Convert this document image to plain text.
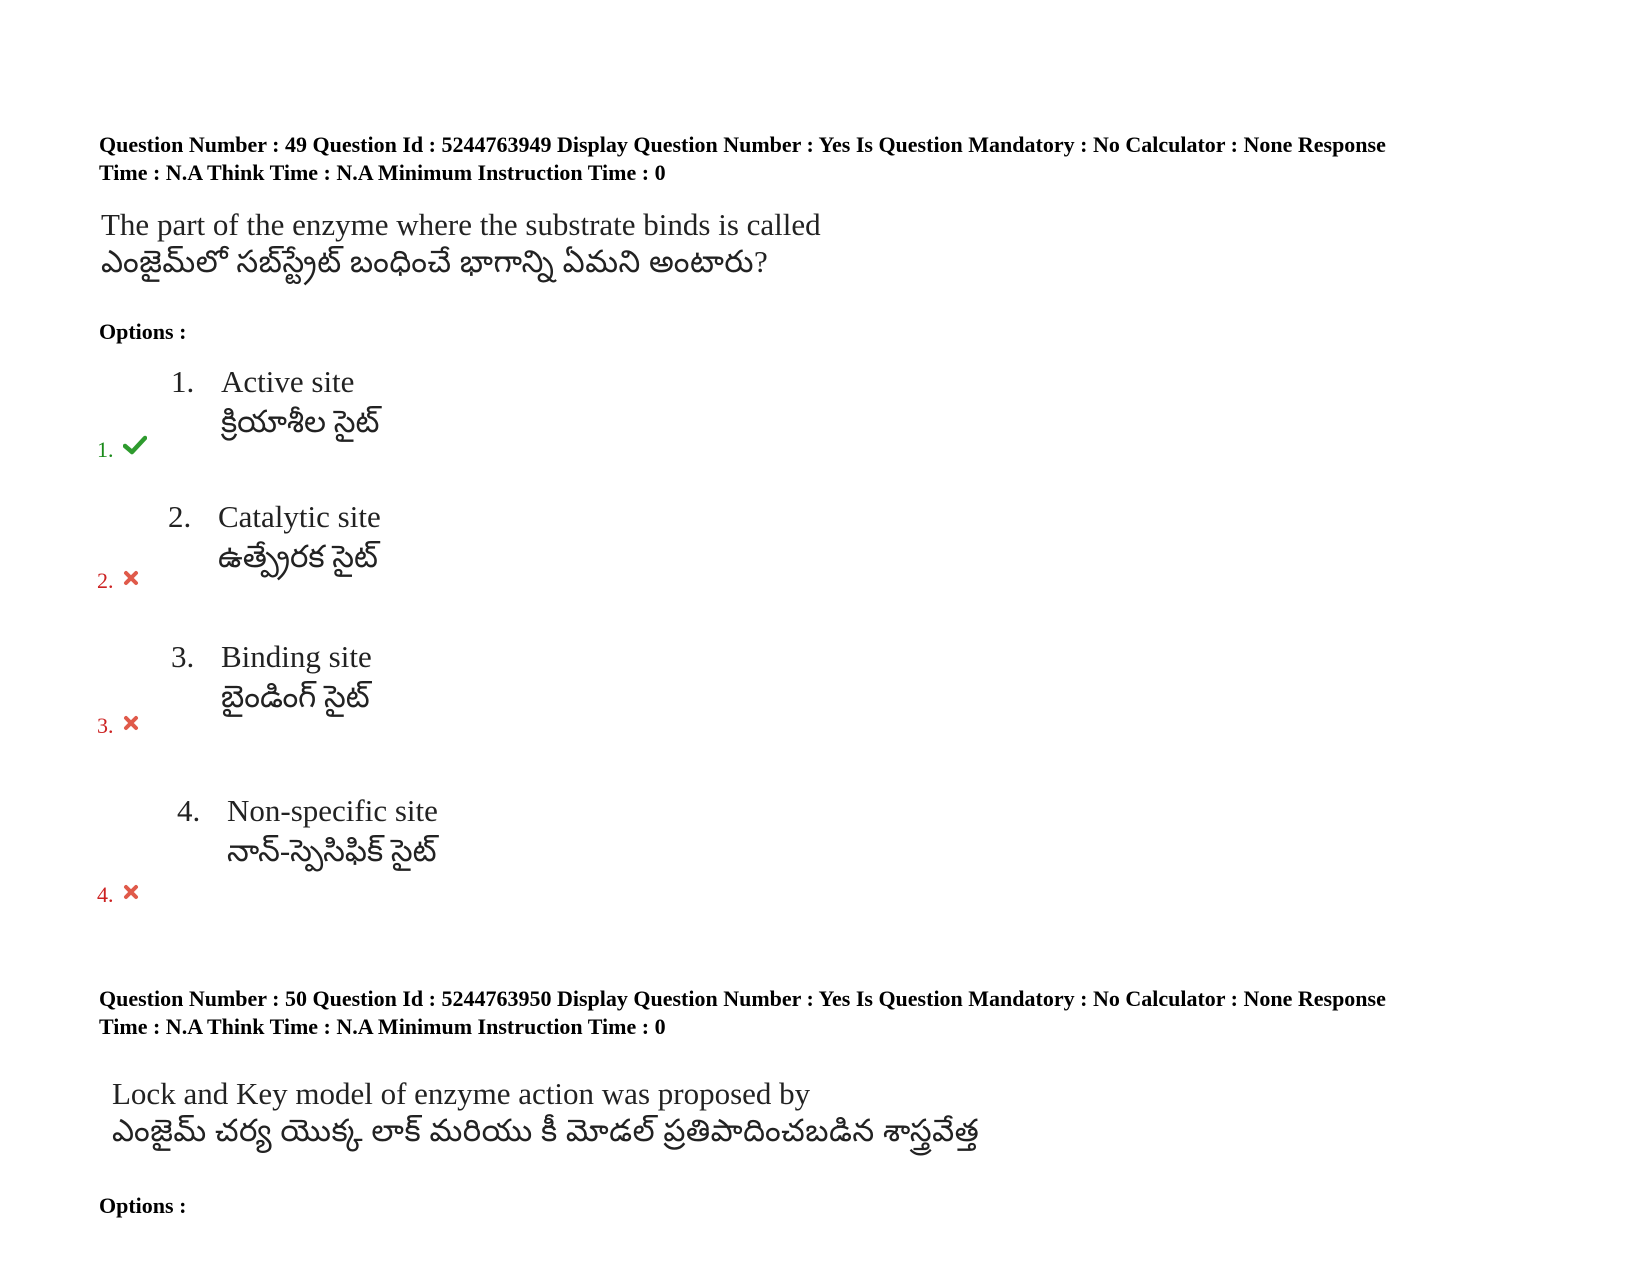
Question Number : 49 Question Id : 5244763949 Display Question Number : Yes Is Question Mandatory : No Calculator : None Response
Time : N.A Think Time : N.A Minimum Instruction Time : 0
The part of the enzyme where the substrate binds is called
ఎంజైమ్‌లో సబ్‌స్ట్రేట్ బంధించే భాగాన్ని ఏమని అంటారు?
Options :
1. Active site
క్రియాశీల సైట్
1.
2. Catalytic site
ఉత్ప్రేరక సైట్
2.
3. Binding site
బైండింగ్ సైట్
3.
4. Non-specific site
నాన్-స్పెసిఫిక్ సైట్
4.
Question Number : 50 Question Id : 5244763950 Display Question Number : Yes Is Question Mandatory : No Calculator : None Response
Time : N.A Think Time : N.A Minimum Instruction Time : 0
Lock and Key model of enzyme action was proposed by
ఎంజైమ్ చర్య యొక్క లాక్ మరియు కీ మోడల్ ప్రతిపాదించబడిన శాస్త్రవేత్త
Options :
